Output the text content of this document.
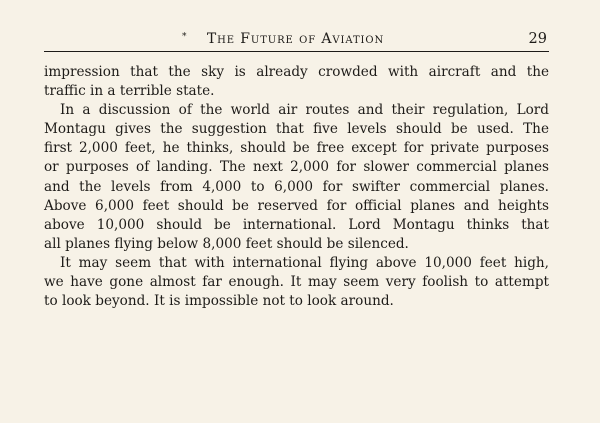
*	The Future of Aviation	29
impression that the sky is already crowded with aircraft and the
traffic in a terrible state.
In a discussion of the world air routes and their regulation, Lord
Montagu gives the suggestion that five levels should be used. The
first 2,000 feet, he thinks, should be free except for private purposes
or purposes of landing. The next 2,000 for slower commercial planes
and the levels from 4,000 to 6,000 for swifter commercial planes.
Above 6,000 feet should be reserved for official planes and heights
above 10,000 should be international. Lord Montagu thinks that
all planes flying below 8,000 feet should be silenced.
It may seem that with international flying above 10,000 feet high,
we have gone almost far enough. It may seem very foolish to attempt
to look beyond. It is impossible not to look around.
